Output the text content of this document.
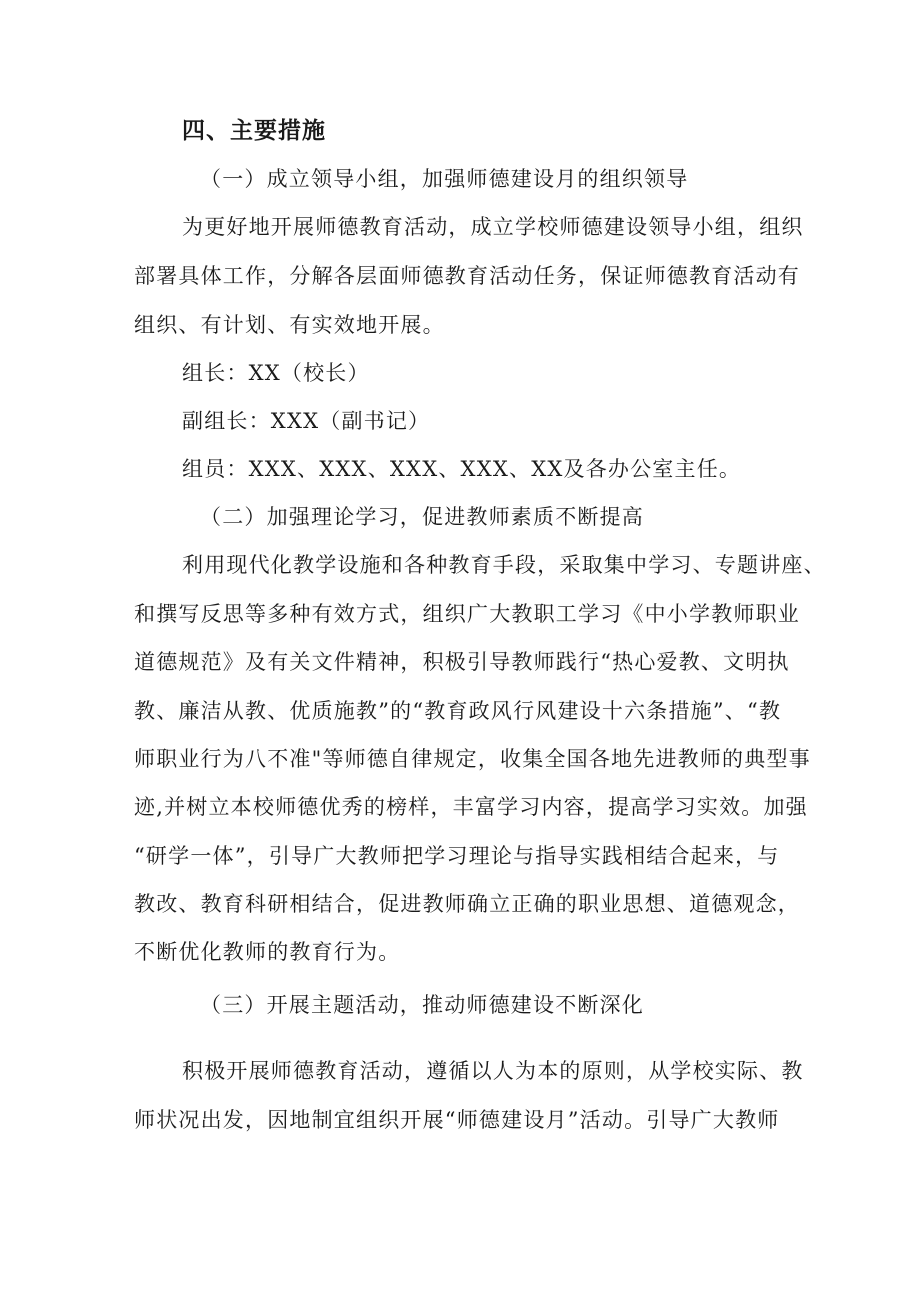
四、主要措施
（一）成立领导小组，加强师德建设月的组织领导
为更好地开展师德教育活动，成立学校师德建设领导小组，组织
部署具体工作，分解各层面师德教育活动任务，保证师德教育活动有
组织、有计划、有实效地开展。
组长：XX（校长）
副组长：XXX（副书记）
组员：XXX、XXX、XXX、XXX、XX及各办公室主任。
（二）加强理论学习，促进教师素质不断提高
利用现代化教学设施和各种教育手段，采取集中学习、专题讲座、
和撰写反思等多种有效方式，组织广大教职工学习《中小学教师职业
道德规范》及有关文件精神，积极引导教师践行“热心爱教、文明执
教、廉洁从教、优质施教”的“教育政风行风建设十六条措施”、“教
师职业行为八不准"等师德自律规定，收集全国各地先进教师的典型事
迹,并树立本校师德优秀的榜样，丰富学习内容，提高学习实效。加强
“研学一体”，引导广大教师把学习理论与指导实践相结合起来，与
教改、教育科研相结合，促进教师确立正确的职业思想、道德观念，
不断优化教师的教育行为。
（三）开展主题活动，推动师德建设不断深化
积极开展师德教育活动，遵循以人为本的原则，从学校实际、教
师状况出发，因地制宜组织开展“师德建设月”活动。引导广大教师
